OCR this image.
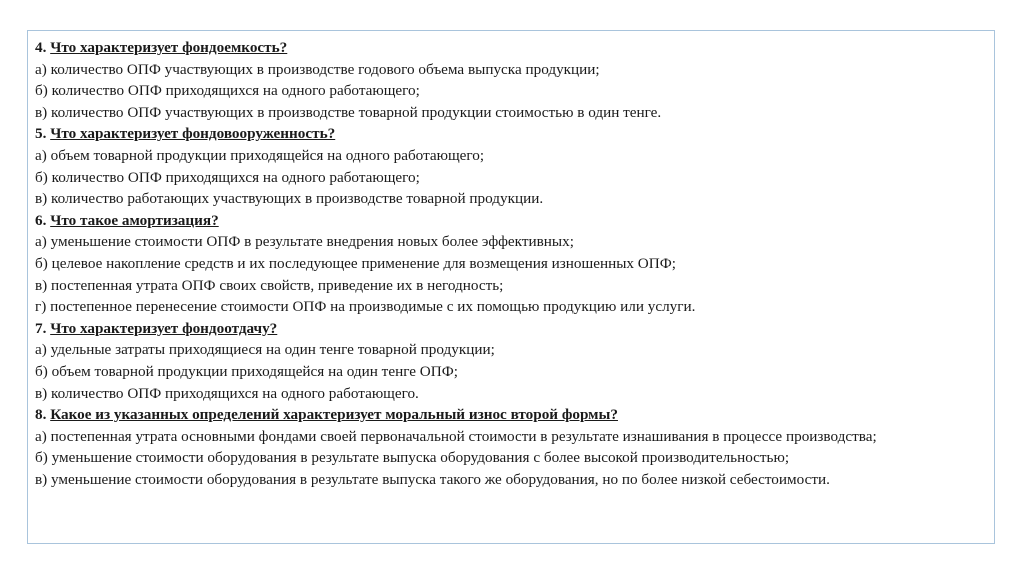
4. Что характеризует фондоемкость?
а) количество ОПФ участвующих в производстве годового объема выпуска продукции;
б) количество ОПФ приходящихся на одного работающего;
в) количество ОПФ участвующих в производстве товарной продукции стоимостью в один тенге.
5. Что характеризует фондовооруженность?
а) объем товарной продукции приходящейся на одного работающего;
б) количество ОПФ приходящихся на одного работающего;
в) количество работающих участвующих в производстве товарной продукции.
6. Что такое амортизация?
а) уменьшение стоимости ОПФ в результате внедрения новых более эффективных;
б) целевое накопление средств и их последующее применение для возмещения изношенных ОПФ;
в) постепенная утрата ОПФ своих свойств, приведение их в негодность;
г) постепенное перенесение стоимости ОПФ на производимые с их помощью продукцию или услуги.
7. Что характеризует фондоотдачу?
а) удельные затраты приходящиеся на один тенге товарной продукции;
б) объем товарной продукции приходящейся на один тенге ОПФ;
в) количество ОПФ приходящихся на одного работающего.
8. Какое из указанных определений характеризует моральный износ второй формы?
а) постепенная утрата основными фондами своей первоначальной стоимости в результате изнашивания в процессе производства;
б) уменьшение стоимости оборудования в результате выпуска оборудования с более высокой производительностью;
в) уменьшение стоимости оборудования в результате выпуска такого же оборудования, но по более низкой себестоимости.
